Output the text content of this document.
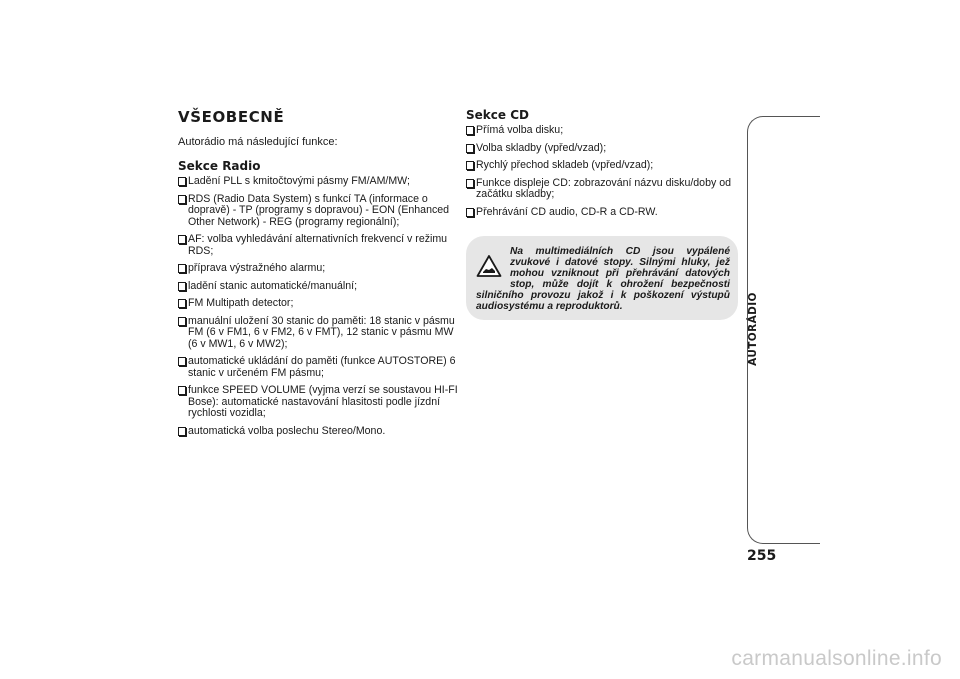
VŠEOBECNĚ

Autorádio má následující funkce:

Sekce Radio
Ladění PLL s kmitočtovými pásmy FM/AM/MW;
RDS (Radio Data System) s funkcí TA (informace o dopravě) - TP (programy s dopravou) - EON (Enhanced Other Network) - REG (programy regionální);
AF: volba vyhledávání alternativních frekvencí v režimu RDS;
příprava výstražného alarmu;
ladění stanic automatické/manuální;
FM Multipath detector;
manuální uložení 30 stanic do paměti: 18 stanic v pásmu FM (6 v FM1, 6 v FM2, 6 v FMT), 12 stanic v pásmu MW (6 v MW1, 6 v MW2);
automatické ukládání do paměti (funkce AUTOSTORE) 6 stanic v určeném FM pásmu;
funkce SPEED VOLUME (vyjma verzí se soustavou HI-FI Bose): automatické nastavování hlasitosti podle jízdní rychlosti vozidla;
automatická volba poslechu Stereo/Mono.
Sekce CD
Přímá volba disku;
Volba skladby (vpřed/vzad);
Rychlý přechod skladeb (vpřed/vzad);
Funkce displeje CD: zobrazování názvu disku/doby od začátku skladby;
Přehrávání CD audio, CD-R a CD-RW.
Na multimediálních CD jsou vypálené zvukové i datové stopy. Silnými hluky, jež mohou vzniknout při přehrávání datových stop, může dojít k ohrožení bezpečnosti silničního provozu jakož i k poškození výstupů audiosystému a reproduktorů.	AUTORÁDIO
255
carmanualsonline.info
